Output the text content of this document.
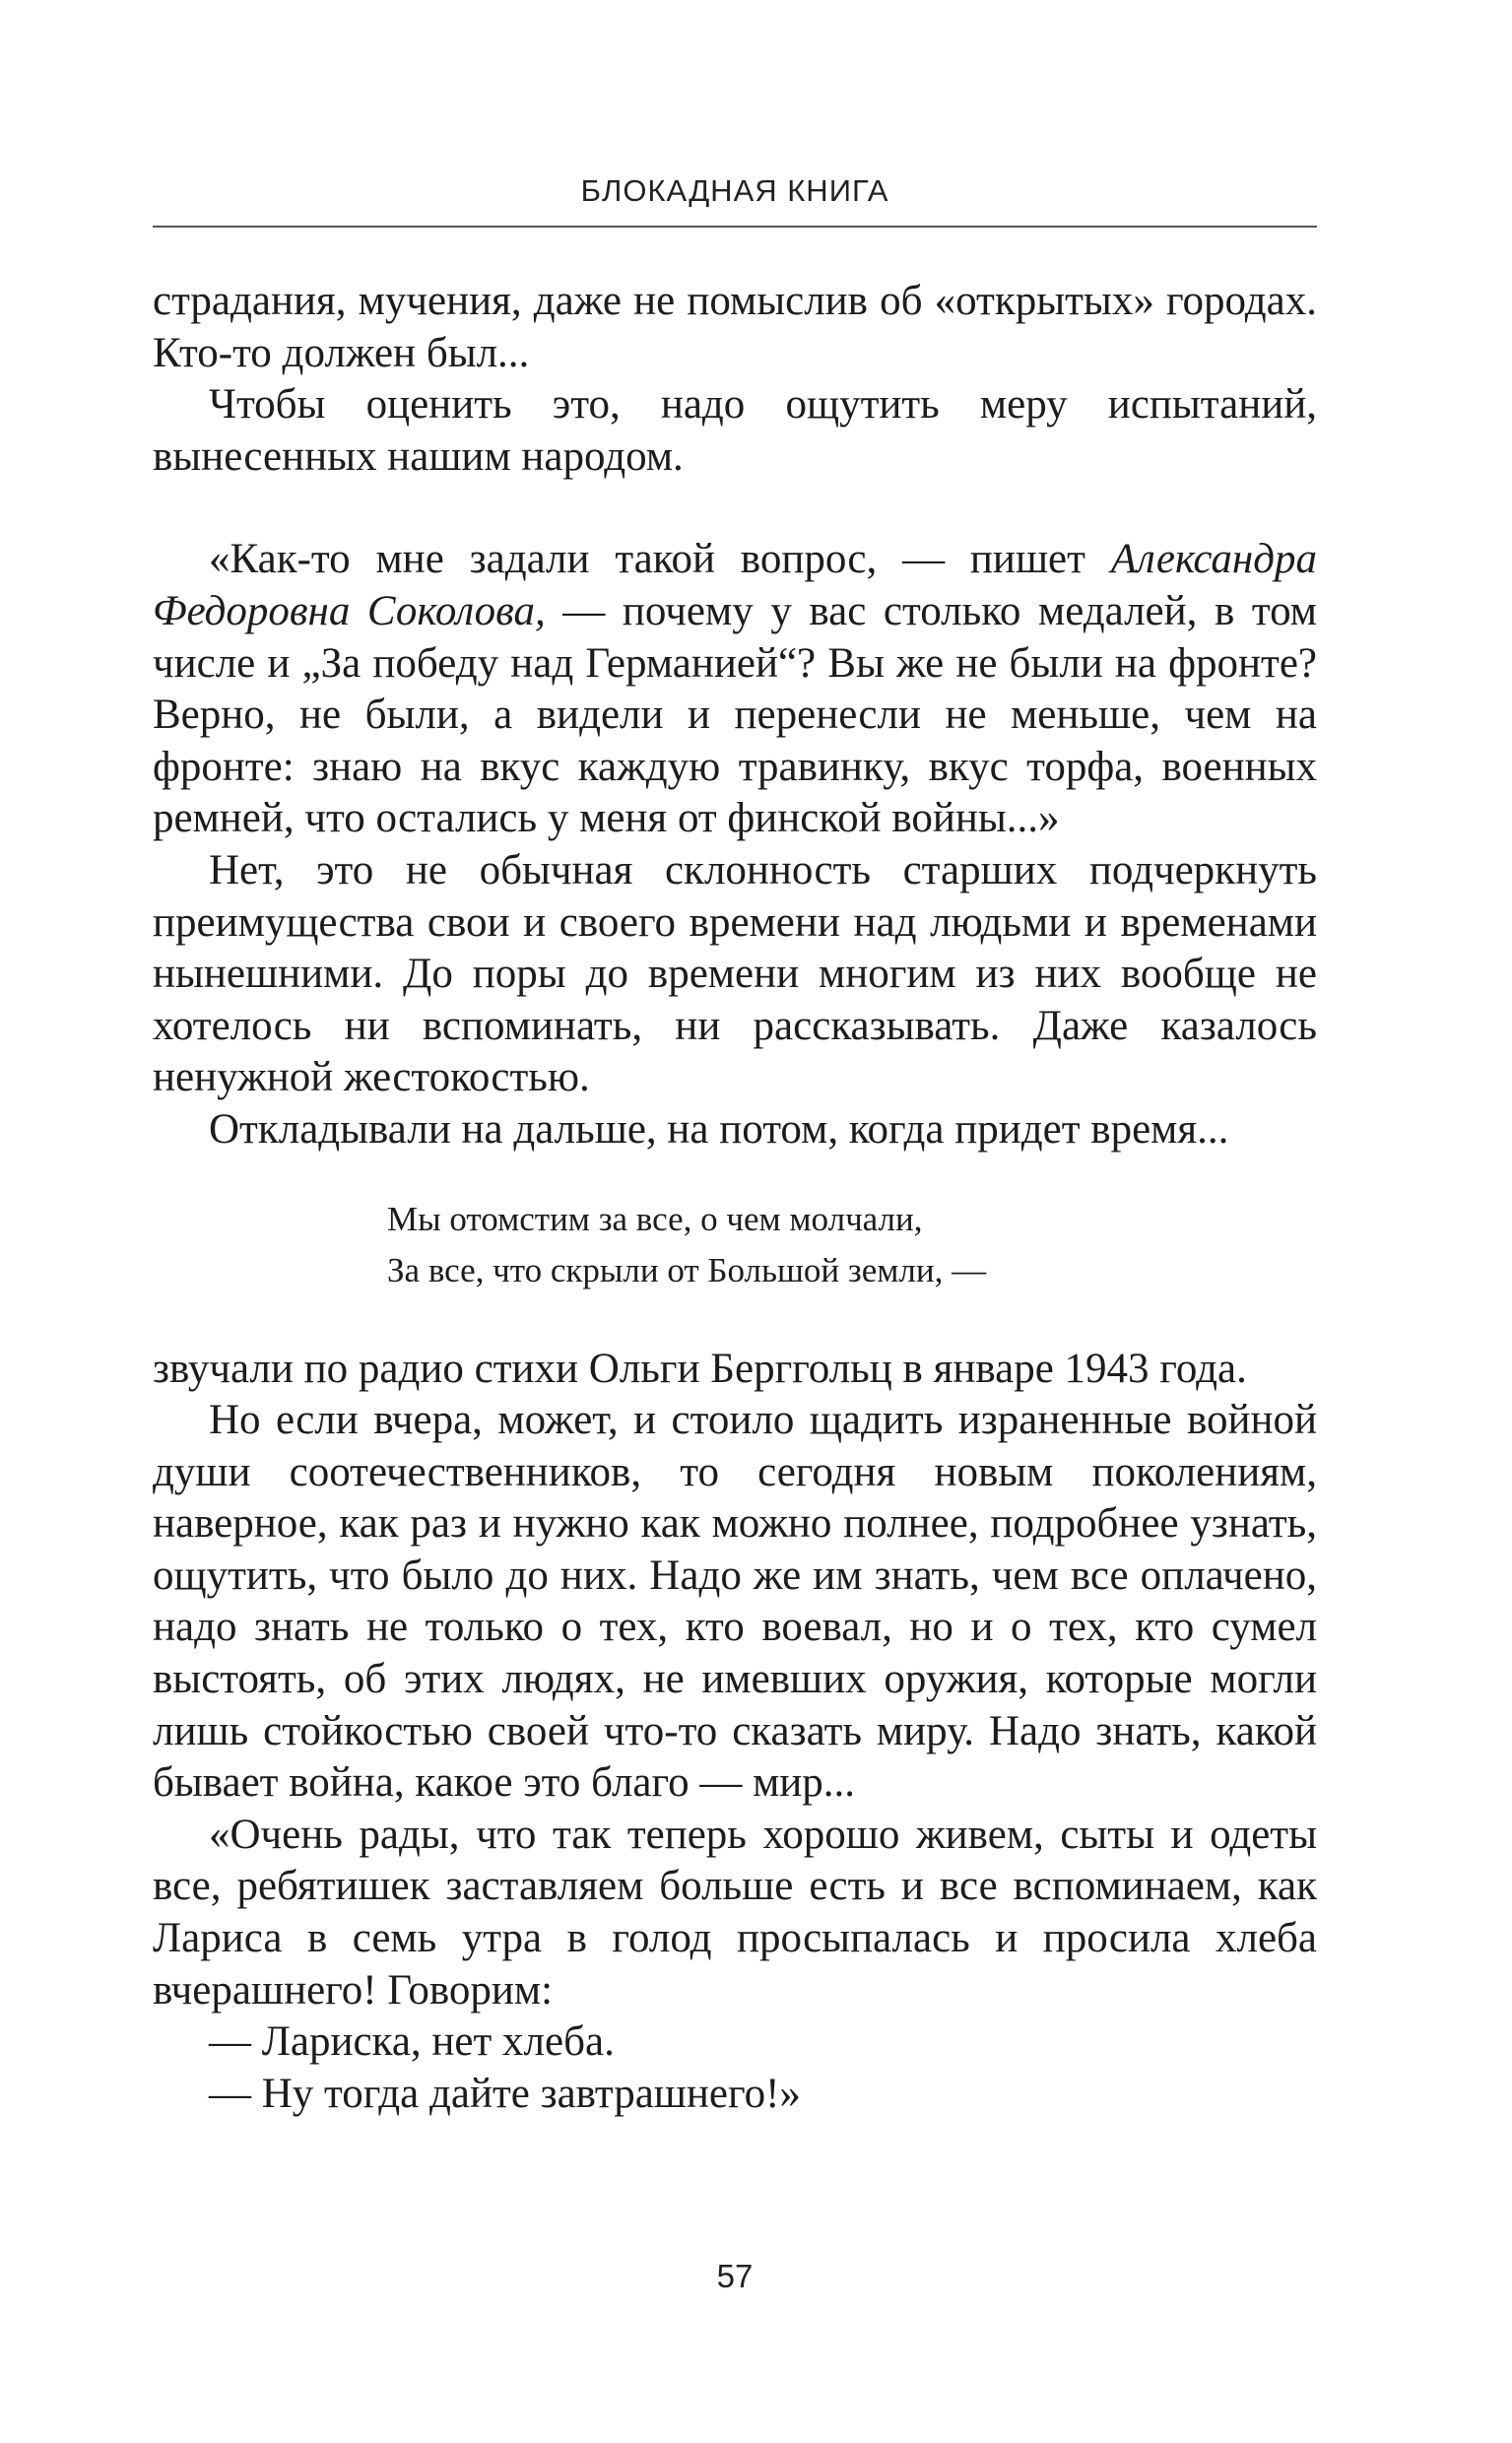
БЛОКАДНАЯ КНИГА

страдания, мучения, даже не помыслив об «открытых» городах. Кто-то должен был...

Чтобы оценить это, надо ощутить меру испытаний, вынесенных нашим народом.

«Как-то мне задали такой вопрос, — пишет Александра Федоровна Соколова, — почему у вас столько медалей, в том числе и „За победу над Германией“? Вы же не были на фронте? Верно, не были, а видели и перенесли не меньше, чем на фронте: знаю на вкус каждую травинку, вкус торфа, военных ремней, что остались у меня от финской войны...»

Нет, это не обычная склонность старших подчеркнуть преимущества свои и своего времени над людьми и временами нынешними. До поры до времени многим из них вообще не хотелось ни вспоминать, ни рассказывать. Даже казалось ненужной жестокостью.

Откладывали на дальше, на потом, когда придет время...

Мы отомстим за все, о чем молчали,
За все, что скрыли от Большой земли, —

звучали по радио стихи Ольги Берггольц в январе 1943 года.

Но если вчера, может, и стоило щадить израненные войной души соотечественников, то сегодня новым поколениям, наверное, как раз и нужно как можно полнее, подробнее узнать, ощутить, что было до них. Надо же им знать, чем все оплачено, надо знать не только о тех, кто воевал, но и о тех, кто сумел выстоять, об этих людях, не имевших оружия, которые могли лишь стойкостью своей что-то сказать миру. Надо знать, какой бывает война, какое это благо — мир...

«Очень рады, что так теперь хорошо живем, сыты и одеты все, ребятишек заставляем больше есть и все вспоминаем, как Лариса в семь утра в голод просыпалась и просила хлеба вчерашнего! Говорим:

— Лариска, нет хлеба.

— Ну тогда дайте завтрашнего!»

57
